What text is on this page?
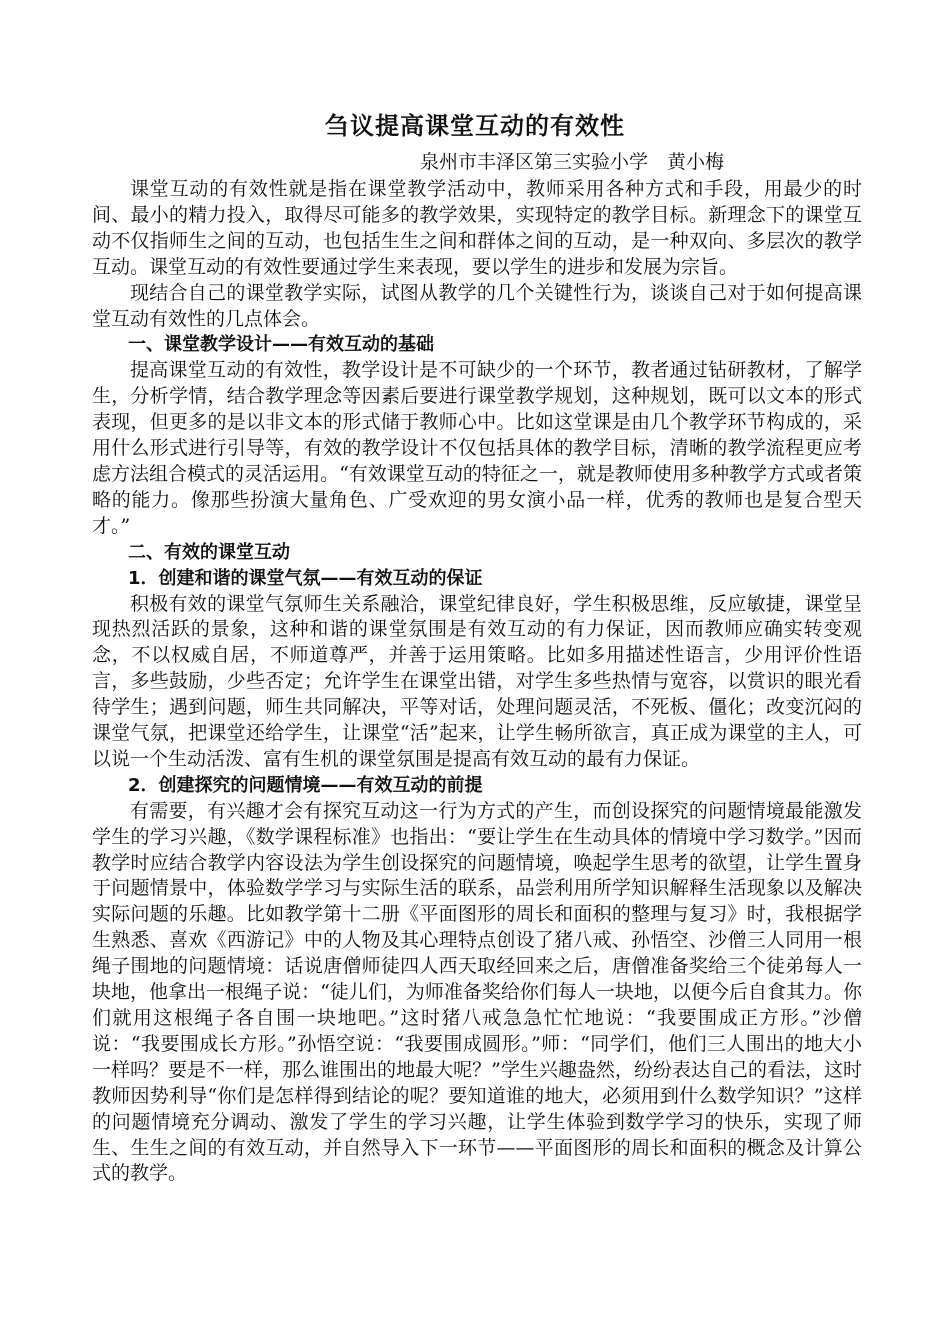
刍议提高课堂互动的有效性
泉州市丰泽区第三实验小学　黄小梅

课堂互动的有效性就是指在课堂教学活动中，教师采用各种方式和手段，用最少的时间、最小的精力投入，取得尽可能多的教学效果，实现特定的教学目标。新理念下的课堂互动不仅指师生之间的互动，也包括生生之间和群体之间的互动，是一种双向、多层次的教学互动。课堂互动的有效性要通过学生来表现，要以学生的进步和发展为宗旨。

现结合自己的课堂教学实际，试图从教学的几个关键性行为，谈谈自己对于如何提高课堂互动有效性的几点体会。

一、课堂教学设计——有效互动的基础

提高课堂互动的有效性，教学设计是不可缺少的一个环节，教者通过钻研教材，了解学生，分析学情，结合教学理念等因素后要进行课堂教学规划，这种规划，既可以文本的形式表现，但更多的是以非文本的形式储于教师心中。比如这堂课是由几个教学环节构成的，采用什么形式进行引导等，有效的教学设计不仅包括具体的教学目标，清晰的教学流程更应考虑方法组合模式的灵活运用。“有效课堂互动的特征之一，就是教师使用多种教学方式或者策略的能力。像那些扮演大量角色、广受欢迎的男女演小品一样，优秀的教师也是复合型天才。”

二、有效的课堂互动
1．创建和谐的课堂气氛——有效互动的保证

积极有效的课堂气氛师生关系融洽，课堂纪律良好，学生积极思维，反应敏捷，课堂呈现热烈活跃的景象，这种和谐的课堂氛围是有效互动的有力保证，因而教师应确实转变观念，不以权威自居，不师道尊严，并善于运用策略。比如多用描述性语言，少用评价性语言，多些鼓励，少些否定；允许学生在课堂出错，对学生多些热情与宽容，以赏识的眼光看待学生；遇到问题，师生共同解决，平等对话，处理问题灵活，不死板、僵化；改变沉闷的课堂气氛，把课堂还给学生，让课堂“活”起来，让学生畅所欲言，真正成为课堂的主人，可以说一个生动活泼、富有生机的课堂氛围是提高有效互动的最有力保证。

2．创建探究的问题情境——有效互动的前提

有需要，有兴趣才会有探究互动这一行为方式的产生，而创设探究的问题情境最能激发学生的学习兴趣，《数学课程标准》也指出：“要让学生在生动具体的情境中学习数学。”因而教学时应结合教学内容设法为学生创设探究的问题情境，唤起学生思考的欲望，让学生置身于问题情景中，体验数学学习与实际生活的联系，品尝利用所学知识解释生活现象以及解决实际问题的乐趣。比如教学第十二册《平面图形的周长和面积的整理与复习》时，我根据学生熟悉、喜欢《西游记》中的人物及其心理特点创设了猪八戒、孙悟空、沙僧三人同用一根绳子围地的问题情境：话说唐僧师徒四人西天取经回来之后，唐僧准备奖给三个徒弟每人一块地，他拿出一根绳子说：“徒儿们，为师准备奖给你们每人一块地，以便今后自食其力。你们就用这根绳子各自围一块地吧。”这时猪八戒急急忙忙地说：“我要围成正方形。”沙僧说：“我要围成长方形。”孙悟空说：“我要围成圆形。”师：“同学们，他们三人围出的地大小一样吗？要是不一样，那么谁围出的地最大呢？”学生兴趣盎然，纷纷表达自己的看法，这时教师因势利导“你们是怎样得到结论的呢？要知道谁的地大，必须用到什么数学知识？”这样的问题情境充分调动、激发了学生的学习兴趣，让学生体验到数学学习的快乐，实现了师生、生生之间的有效互动，并自然导入下一环节——平面图形的周长和面积的概念及计算公式的教学。
